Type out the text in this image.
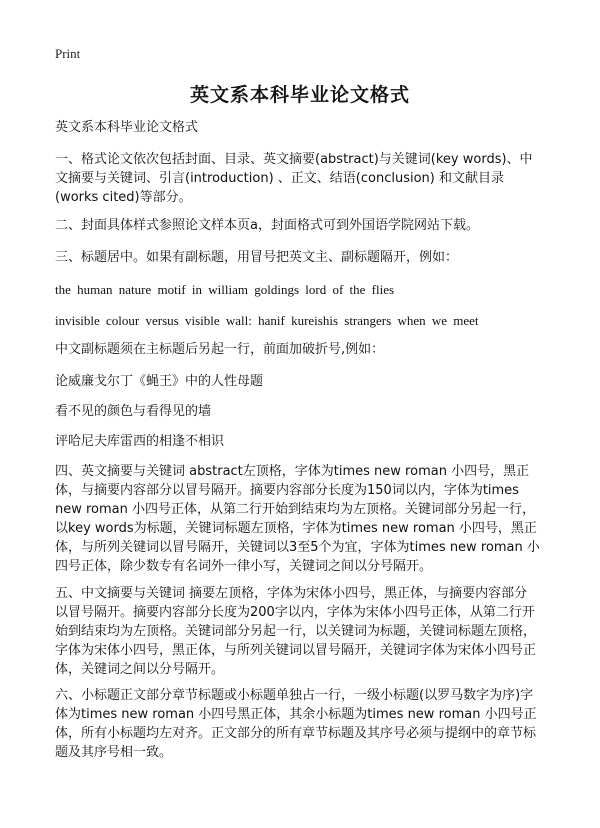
Print
英文系本科毕业论文格式

英文系本科毕业论文格式

一、格式论文依次包括封面、目录、英文摘要(abstract)与关键词(key words)、中文摘要与关键词、引言(introduction) 、正文、结语(conclusion) 和文献目录(works cited)等部分。

二、封面具体样式参照论文样本页a，封面格式可到外国语学院网站下载。

三、标题居中。如果有副标题，用冒号把英文主、副标题隔开，例如：

the human nature motif in william goldings lord of the flies

invisible colour versus visible wall: hanif kureishis strangers when we meet

中文副标题须在主标题后另起一行，前面加破折号,例如：

论威廉戈尔丁《蝇王》中的人性母题

看不见的颜色与看得见的墙

评哈尼夫库雷西的相逢不相识

四、英文摘要与关键词 abstract左顶格，字体为times new roman 小四号，黑正体，与摘要内容部分以冒号隔开。摘要内容部分长度为150词以内，字体为times new roman 小四号正体，从第二行开始到结束均为左顶格。关键词部分另起一行，以key words为标题，关键词标题左顶格，字体为times new roman 小四号，黑正体，与所列关键词以冒号隔开，关键词以3至5个为宜，字体为times new roman 小四号正体，除少数专有名词外一律小写，关键词之间以分号隔开。

五、中文摘要与关键词 摘要左顶格，字体为宋体小四号，黑正体，与摘要内容部分以冒号隔开。摘要内容部分长度为200字以内，字体为宋体小四号正体，从第二行开始到结束均为左顶格。关键词部分另起一行，以关键词为标题，关键词标题左顶格，字体为宋体小四号，黑正体，与所列关键词以冒号隔开，关键词字体为宋体小四号正体，关键词之间以分号隔开。

六、小标题正文部分章节标题或小标题单独占一行，一级小标题(以罗马数字为序)字体为times new roman 小四号黑正体，其余小标题为times new roman 小四号正体，所有小标题均左对齐。正文部分的所有章节标题及其序号必须与提纲中的章节标题及其序号相一致。
